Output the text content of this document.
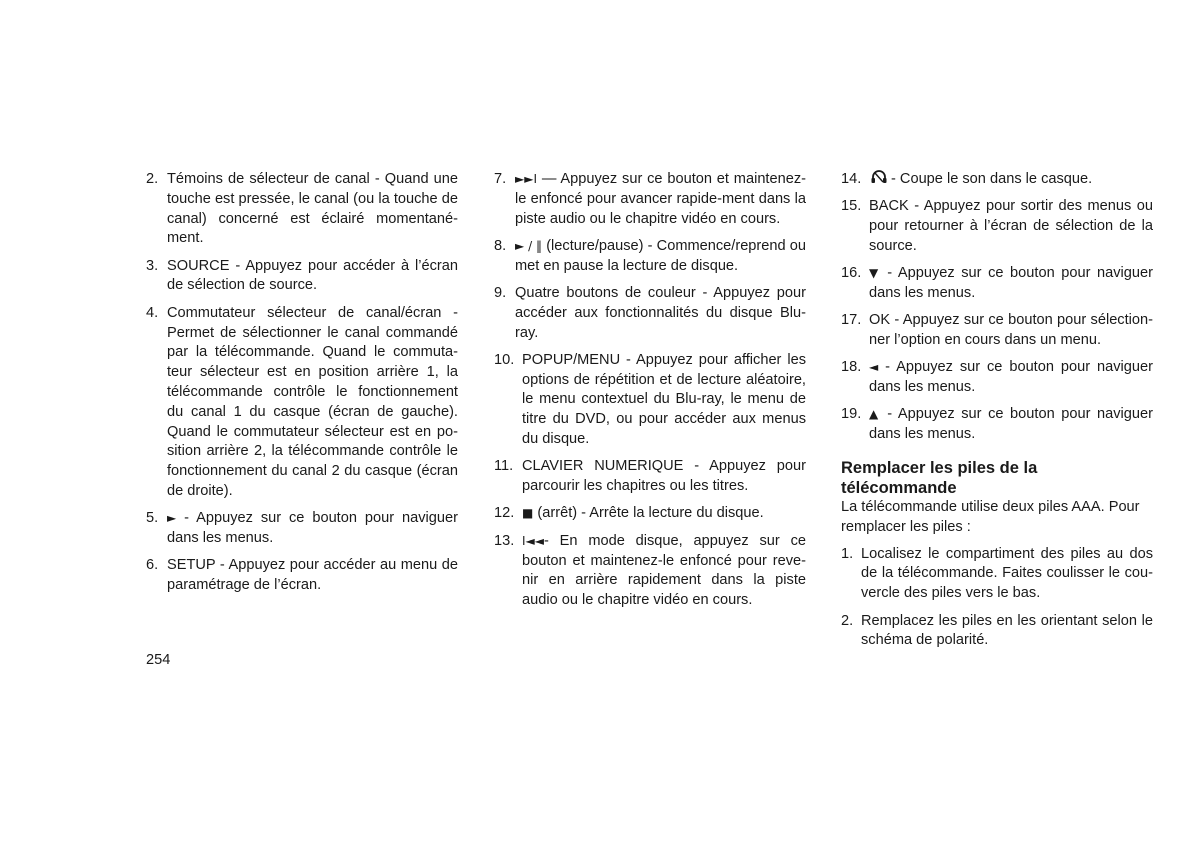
2. Témoins de sélecteur de canal - Quand une touche est pressée, le canal (ou la touche de canal) concerné est éclairé momentané-ment.
3. SOURCE - Appuyez pour accéder à l’écran de sélection de source.
4. Commutateur sélecteur de canal/écran - Permet de sélectionner le canal commandé par la télécommande. Quand le commuta-teur sélecteur est en position arrière 1, la télécommande contrôle le fonctionnement du canal 1 du casque (écran de gauche). Quand le commutateur sélecteur est en po-sition arrière 2, la télécommande contrôle le fonctionnement du canal 2 du casque (écran de droite).
5. ► - Appuyez sur ce bouton pour naviguer dans les menus.
6. SETUP - Appuyez pour accéder au menu de paramétrage de l’écran.
7. ►►I — Appuyez sur ce bouton et maintenez-le enfoncé pour avancer rapide-ment dans la piste audio ou le chapitre vidéo en cours.
8. ► / ‖ (lecture/pause) - Commence/reprend ou met en pause la lecture de disque.
9. Quatre boutons de couleur - Appuyez pour accéder aux fonctionnalités du disque Blu-ray.
10. POPUP/MENU - Appuyez pour afficher les options de répétition et de lecture aléatoire, le menu contextuel du Blu-ray, le menu de titre du DVD, ou pour accéder aux menus du disque.
11. CLAVIER NUMERIQUE - Appuyez pour parcourir les chapitres ou les titres.
12. ■ (arrêt) - Arrête la lecture du disque.
13. I◄◄- En mode disque, appuyez sur ce bouton et maintenez-le enfoncé pour reve-nir en arrière rapidement dans la piste audio ou le chapitre vidéo en cours.
14.	- Coupe le son dans le casque.
15. BACK - Appuyez pour sortir des menus ou pour retourner à l’écran de sélection de la source.
16. ▼ - Appuyez sur ce bouton pour naviguer dans les menus.
17. OK - Appuyez sur ce bouton pour sélection-ner l’option en cours dans un menu.
18. ◄ - Appuyez sur ce bouton pour naviguer dans les menus.
19. ▲ - Appuyez sur ce bouton pour naviguer dans les menus.
Remplacer les piles de la télécommande
La télécommande utilise deux piles AAA. Pour remplacer les piles :
1. Localisez le compartiment des piles au dos de la télécommande. Faites coulisser le cou-vercle des piles vers le bas.
2. Remplacez les piles en les orientant selon le schéma de polarité.
254
